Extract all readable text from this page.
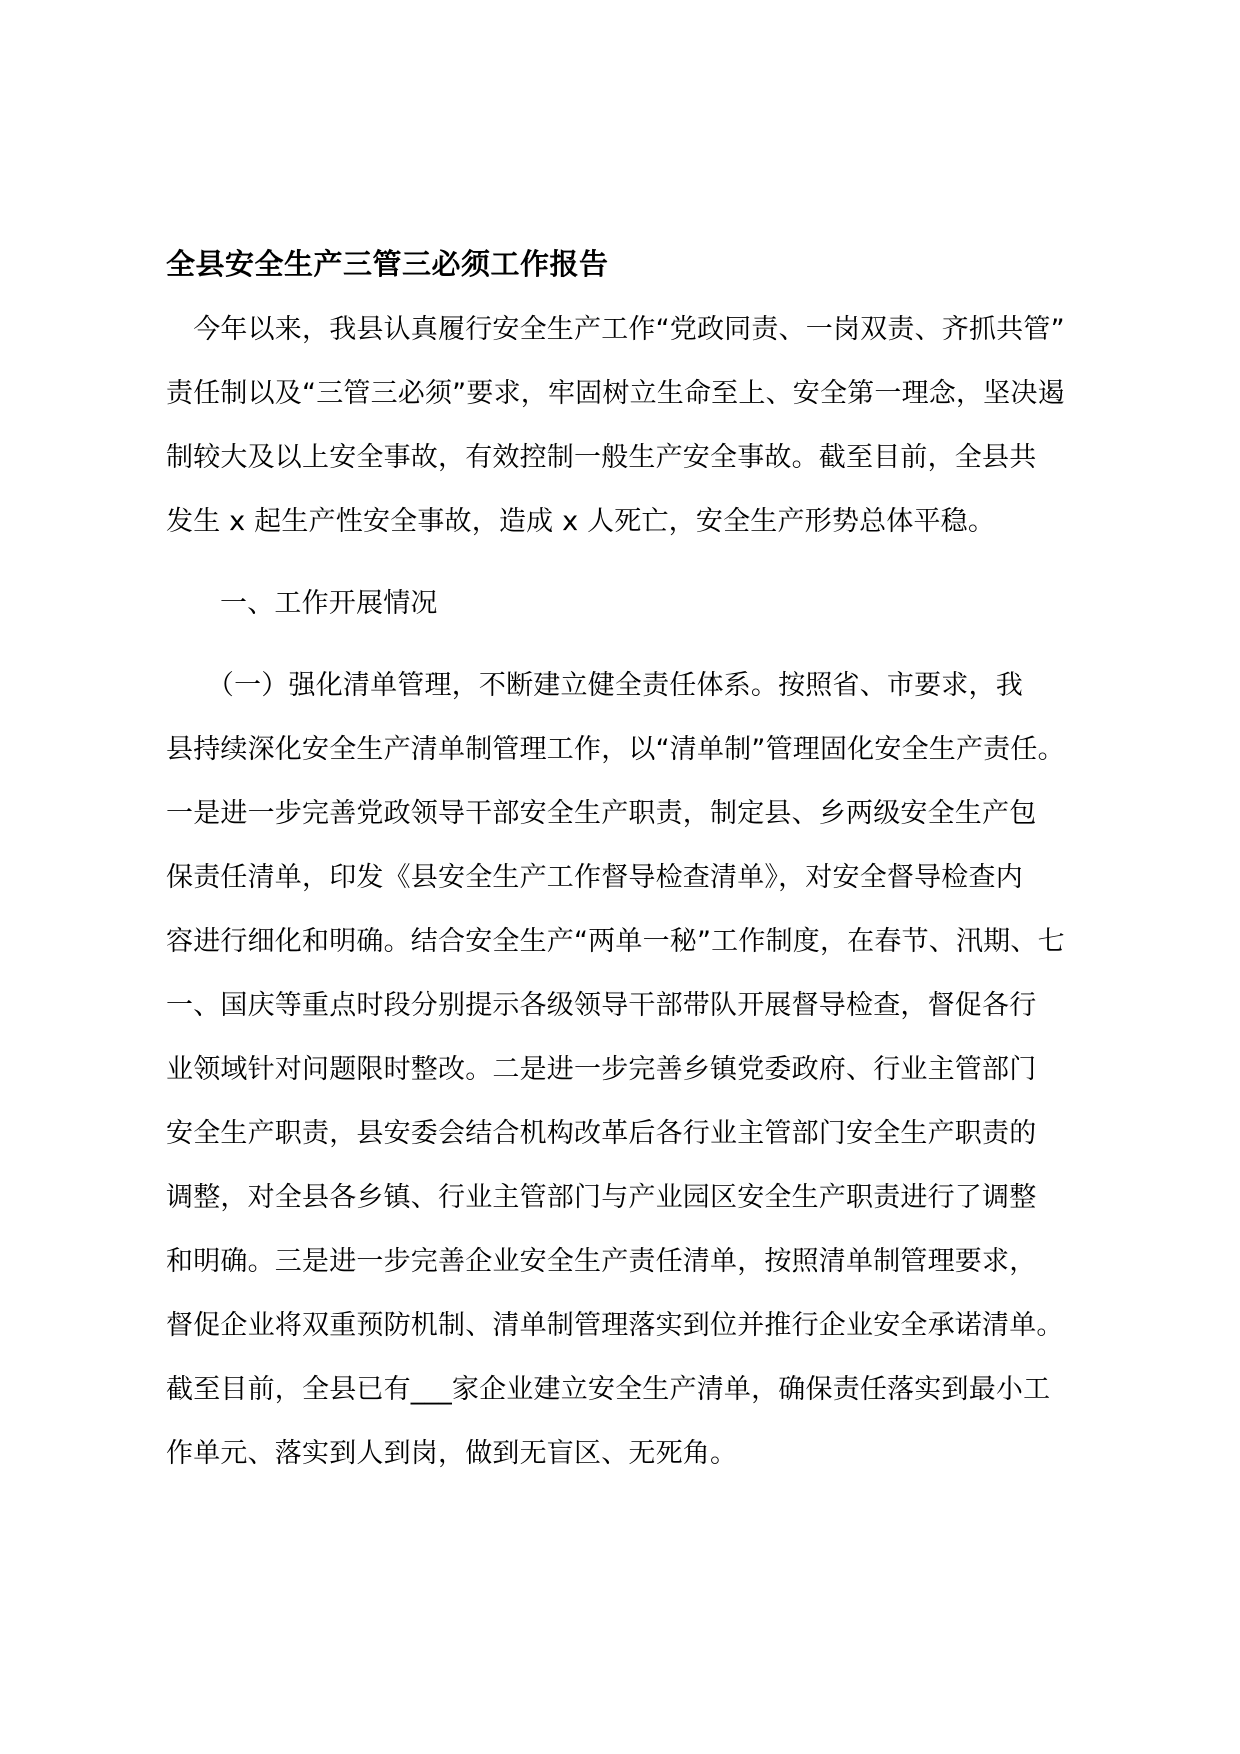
全县安全生产三管三必须工作报告
　今年以来，我县认真履行安全生产工作“党政同责、一岗双责、齐抓共管”
责任制以及“三管三必须”要求，牢固树立生命至上、安全第一理念，坚决遏
制较大及以上安全事故，有效控制一般生产安全事故。截至目前，全县共
发生 x 起生产性安全事故，造成 x 人死亡，安全生产形势总体平稳。
一、工作开展情况
　　（一）强化清单管理，不断建立健全责任体系。按照省、市要求，我
县持续深化安全生产清单制管理工作，以“清单制”管理固化安全生产责任。
一是进一步完善党政领导干部安全生产职责，制定县、乡两级安全生产包
保责任清单，印发《县安全生产工作督导检查清单》，对安全督导检查内
容进行细化和明确。结合安全生产“两单一秘”工作制度，在春节、汛期、七
一、国庆等重点时段分别提示各级领导干部带队开展督导检查，督促各行
业领域针对问题限时整改。二是进一步完善乡镇党委政府、行业主管部门
安全生产职责，县安委会结合机构改革后各行业主管部门安全生产职责的
调整，对全县各乡镇、行业主管部门与产业园区安全生产职责进行了调整
和明确。三是进一步完善企业安全生产责任清单，按照清单制管理要求，
督促企业将双重预防机制、清单制管理落实到位并推行企业安全承诺清单。
截至目前，全县已有___家企业建立安全生产清单，确保责任落实到最小工
作单元、落实到人到岗，做到无盲区、无死角。
